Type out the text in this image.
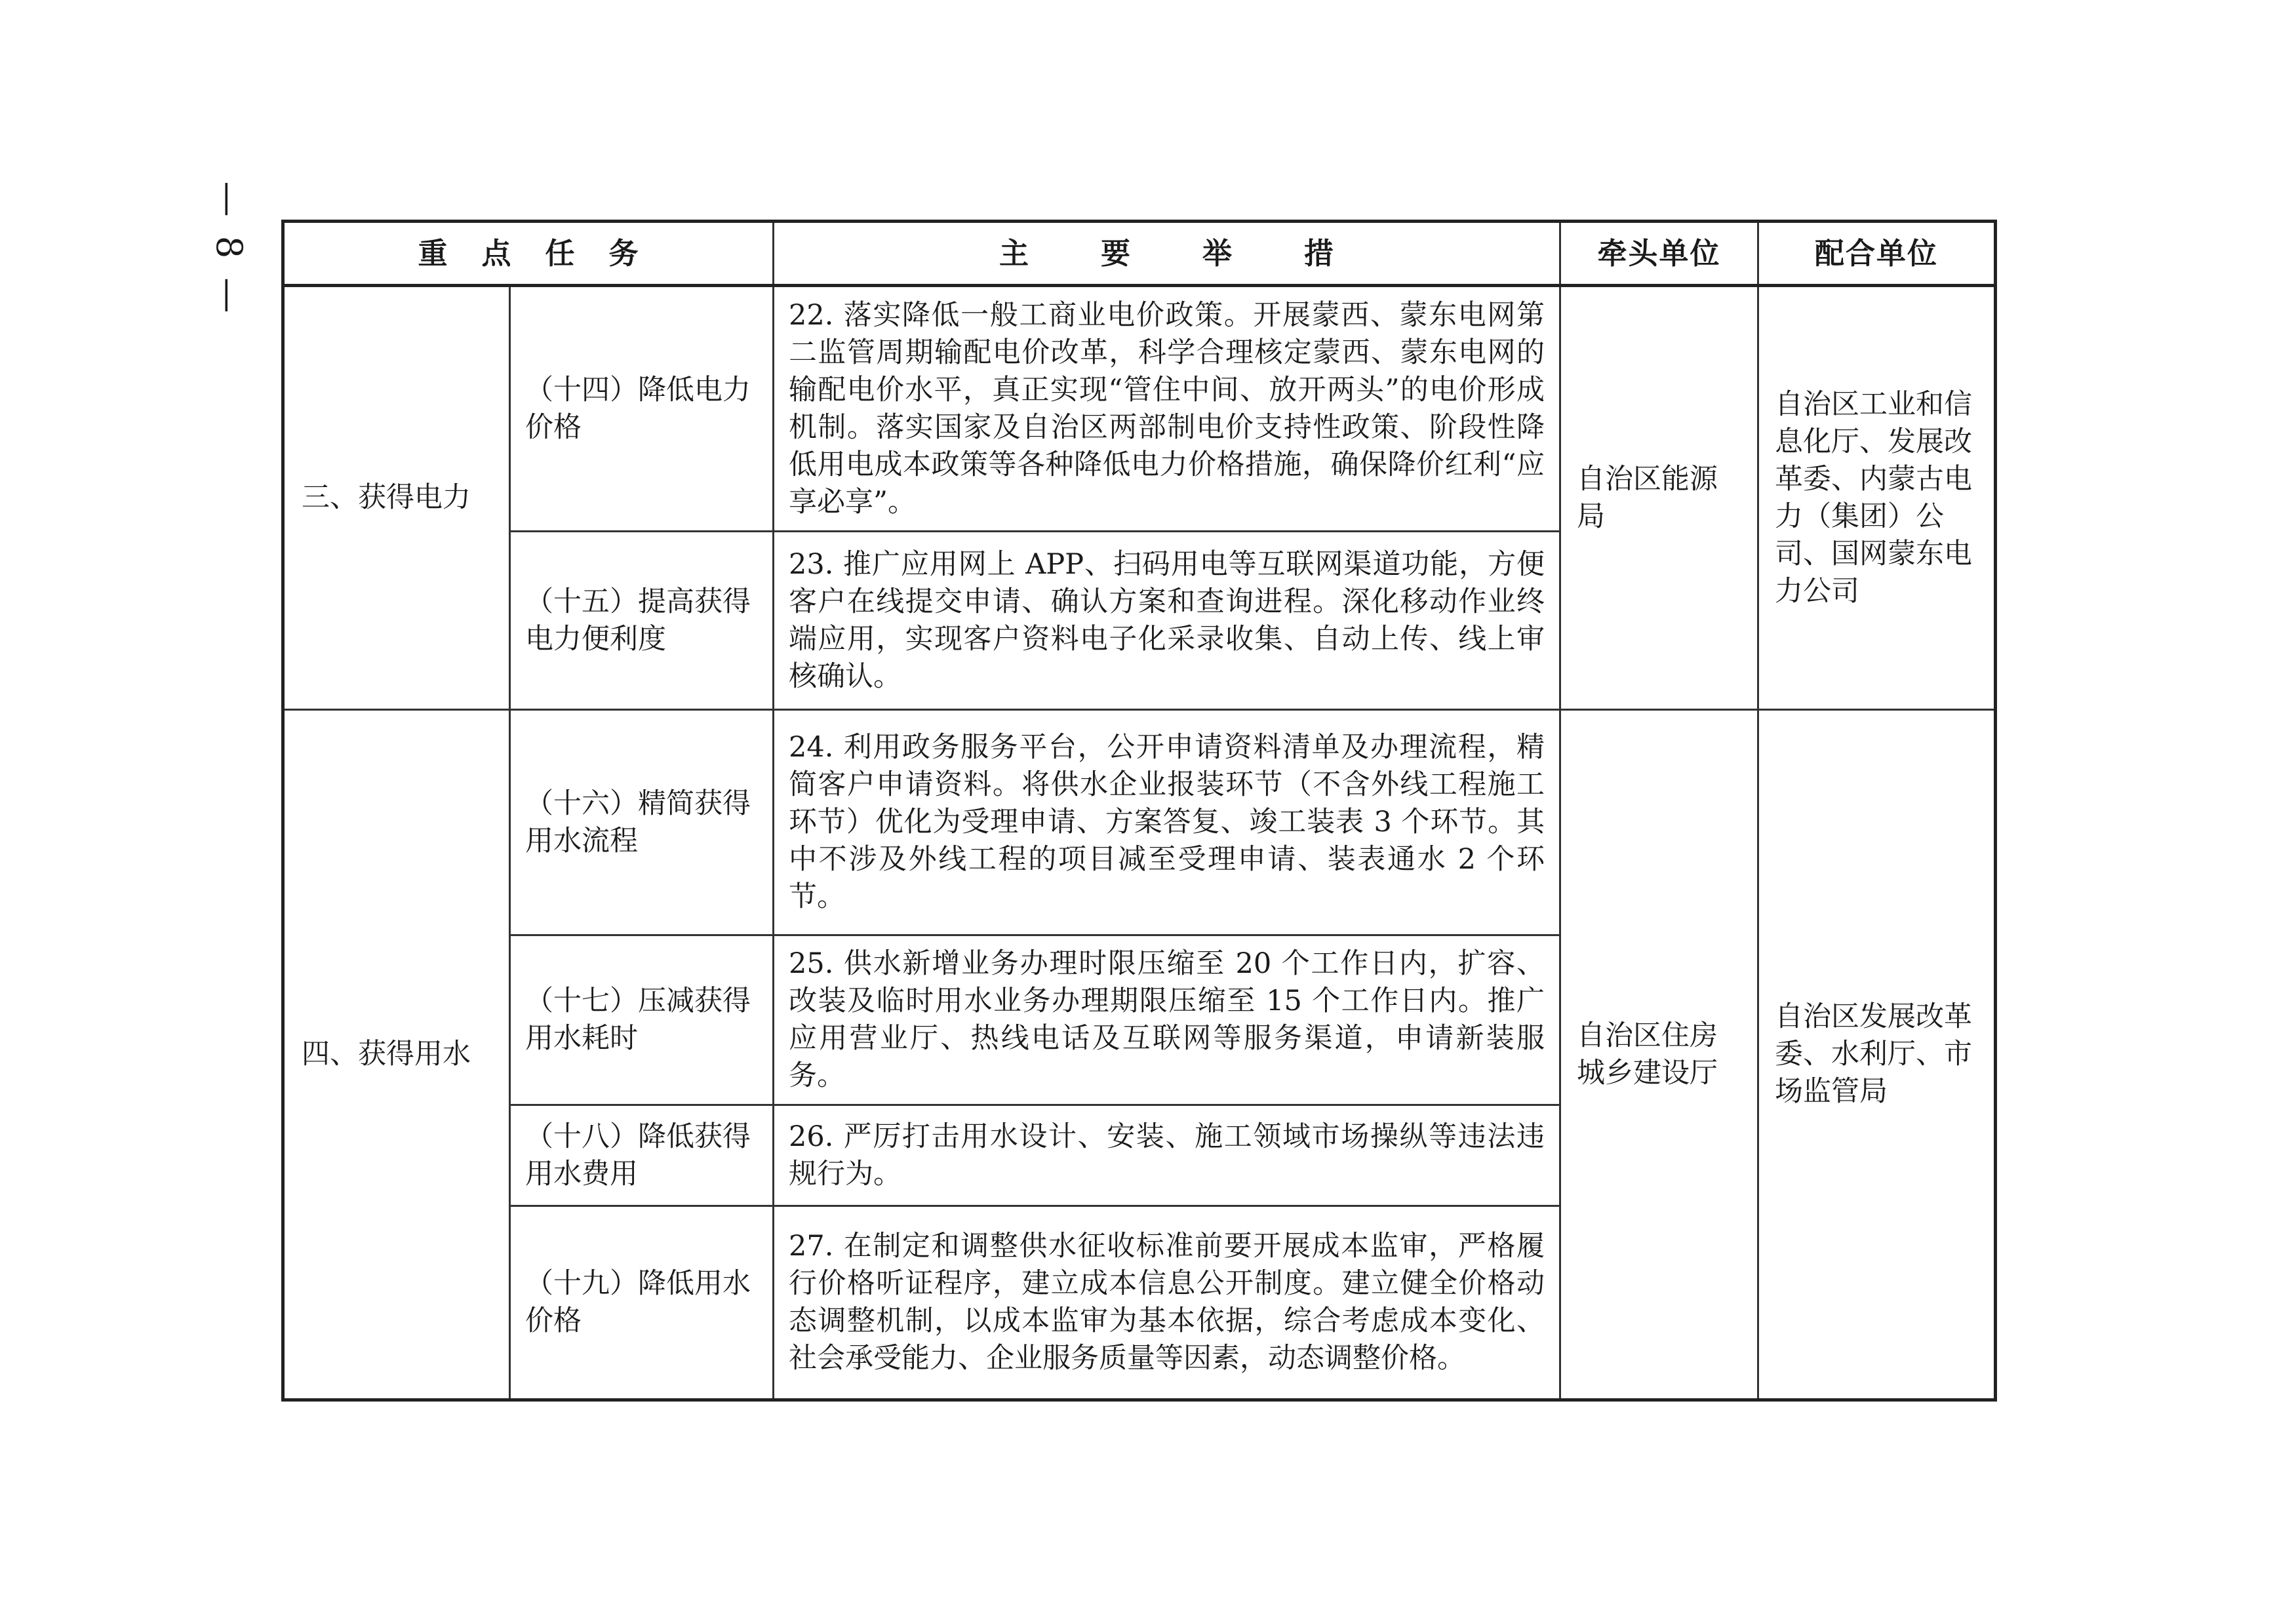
— 8 —	重点任务		主要举措	牵头单位	配合单位
三、获得电力	（十四）降低电力价格	22. 落实降低一般工商业电价政策。开展蒙西、蒙东电网第二监管周期输配电价改革，科学合理核定蒙西、蒙东电网的输配电价水平，真正实现“管住中间、放开两头”的电价形成机制。落实国家及自治区两部制电价支持性政策、阶段性降低用电成本政策等各种降低电力价格措施，确保降价红利“应享必享”。	自治区能源局	自治区工业和信息化厅、发展改革委、内蒙古电力（集团）公司、国网蒙东电力公司
	（十五）提高获得电力便利度	23. 推广应用网上 APP、扫码用电等互联网渠道功能，方便客户在线提交申请、确认方案和查询进程。深化移动作业终端应用，实现客户资料电子化采录收集、自动上传、线上审核确认。		
四、获得用水	（十六）精简获得用水流程	24. 利用政务服务平台，公开申请资料清单及办理流程，精简客户申请资料。将供水企业报装环节（不含外线工程施工环节）优化为受理申请、方案答复、竣工装表 3 个环节。其中不涉及外线工程的项目减至受理申请、装表通水 2 个环节。	自治区住房城乡建设厅	自治区发展改革委、水利厅、市场监管局
	（十七）压减获得用水耗时	25. 供水新增业务办理时限压缩至 20 个工作日内，扩容、改装及临时用水业务办理期限压缩至 15 个工作日内。推广应用营业厅、热线电话及互联网等服务渠道，申请新装服务。		
	（十八）降低获得用水费用	26. 严厉打击用水设计、安装、施工领域市场操纵等违法违规行为。		
	（十九）降低用水价格	27. 在制定和调整供水征收标准前要开展成本监审，严格履行价格听证程序，建立成本信息公开制度。建立健全价格动态调整机制，以成本监审为基本依据，综合考虑成本变化、社会承受能力、企业服务质量等因素，动态调整价格。		
